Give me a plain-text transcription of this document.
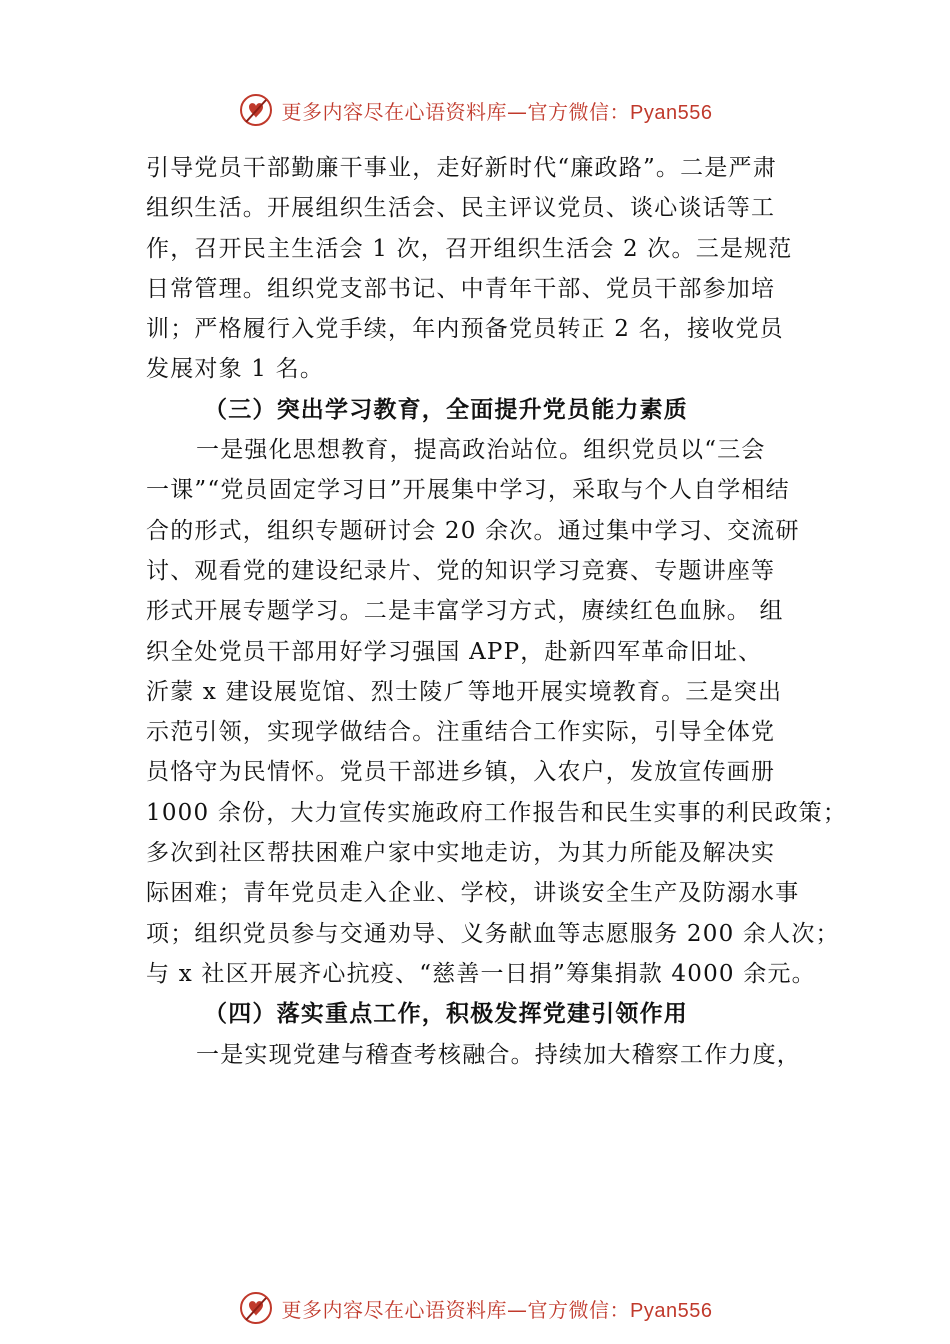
更多内容尽在心语资料库—官方微信：Pyan556
引导党员干部勤廉干事业，走好新时代“廉政路”。二是严肃
组织生活。开展组织生活会、民主评议党员、谈心谈话等工
作，召开民主生活会 1 次，召开组织生活会 2 次。三是规范
日常管理。组织党支部书记、中青年干部、党员干部参加培
训；严格履行入党手续，年内预备党员转正 2 名，接收党员
发展对象 1 名。
（三）突出学习教育，全面提升党员能力素质
一是强化思想教育，提高政治站位。组织党员以“三会
一课”“党员固定学习日”开展集中学习，采取与个人自学相结
合的形式，组织专题研讨会 20 余次。通过集中学习、交流研
讨、观看党的建设纪录片、党的知识学习竞赛、专题讲座等
形式开展专题学习。二是丰富学习方式，赓续红色血脉。 组
织全处党员干部用好学习强国 APP，赴新四军革命旧址、
沂蒙 x 建设展览馆、烈士陵⺁等地开展实境教育。三是突出
示范引领，实现学做结合。注重结合工作实际，引导全体党
员恪守为民情怀。党员干部进乡镇，入农户，发放宣传画册
1000 余份，大力宣传实施政府工作报告和民生实事的利民政策；
多次到社区帮扶困难户家中实地走访，为其力所能及解决实
际困难；青年党员走入企业、学校，讲谈安全生产及防溺水事
项；组织党员参与交通劝导、义务献血等志愿服务 200 余人次；
与 x 社区开展齐心抗疫、“慈善一日捐”筹集捐款 4000 余元。
（四）落实重点工作，积极发挥党建引领作用
一是实现党建与稽查考核融合。持续加大稽察工作力度，
更多内容尽在心语资料库—官方微信：Pyan556
